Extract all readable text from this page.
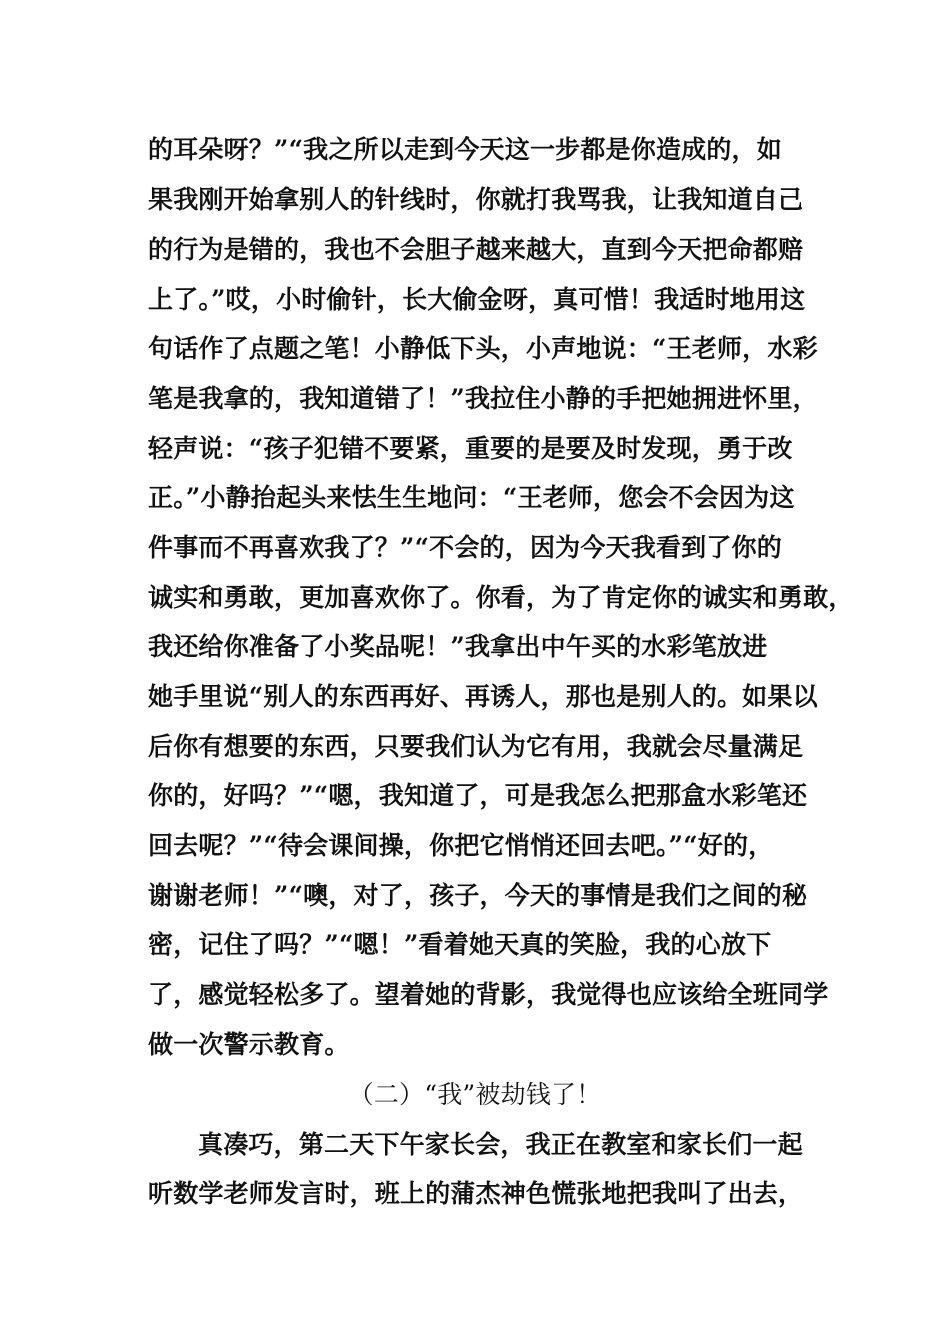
的耳朵呀？”“我之所以走到今天这一步都是你造成的，如
果我刚开始拿别人的针线时，你就打我骂我，让我知道自己
的行为是错的，我也不会胆子越来越大，直到今天把命都赔
上了。”哎，小时偷针，长大偷金呀，真可惜！我适时地用这
句话作了点题之笔！小静低下头，小声地说：“王老师，水彩
笔是我拿的，我知道错了！”我拉住小静的手把她拥进怀里，
轻声说：“孩子犯错不要紧，重要的是要及时发现，勇于改
正。”小静抬起头来怯生生地问：“王老师，您会不会因为这
件事而不再喜欢我了？”“不会的，因为今天我看到了你的
诚实和勇敢，更加喜欢你了。你看，为了肯定你的诚实和勇敢，
我还给你准备了小奖品呢！”我拿出中午买的水彩笔放进
她手里说“别人的东西再好、再诱人，那也是别人的。如果以
后你有想要的东西，只要我们认为它有用，我就会尽量满足
你的，好吗？”“嗯，我知道了，可是我怎么把那盒水彩笔还
回去呢？”“待会课间操，你把它悄悄还回去吧。”“好的，
谢谢老师！”“噢，对了，孩子，今天的事情是我们之间的秘
密，记住了吗？”“嗯！”看着她天真的笑脸，我的心放下
了，感觉轻松多了。望着她的背影，我觉得也应该给全班同学
做一次警示教育。
（二）“我”被劫钱了！
真凑巧，第二天下午家长会，我正在教室和家长们一起
听数学老师发言时，班上的蒲杰神色慌张地把我叫了出去，
